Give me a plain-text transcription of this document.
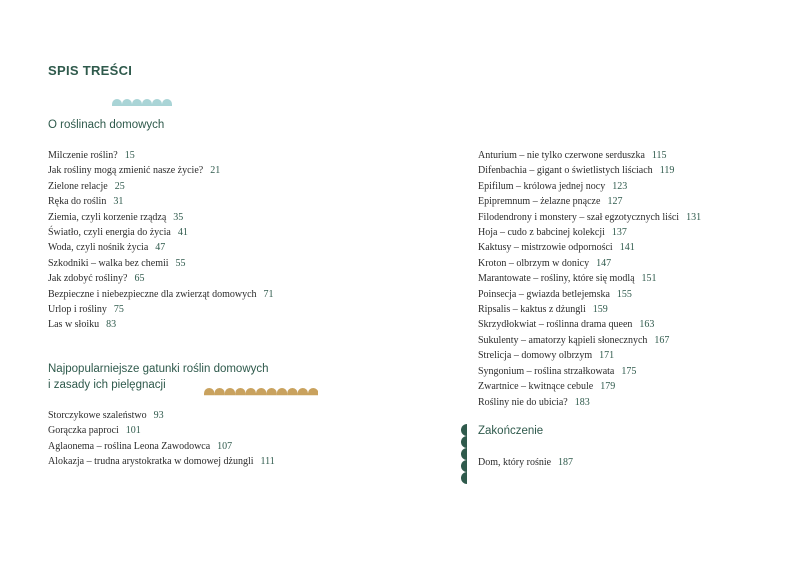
SPIS TREŚCI
O roślinach domowych
Milczenie roślin? 15
Jak rośliny mogą zmienić nasze życie? 21
Zielone relacje 25
Ręka do roślin 31
Ziemia, czyli korzenie rządzą 35
Światło, czyli energia do życia 41
Woda, czyli nośnik życia 47
Szkodniki – walka bez chemii 55
Jak zdobyć rośliny? 65
Bezpieczne i niebezpieczne dla zwierząt domowych 71
Urlop i rośliny 75
Las w słoiku 83
Najpopularniejsze gatunki roślin domowych
i zasady ich pielęgnacji
Storczykowe szaleństwo 93
Gorączka paproci 101
Aglaonema – roślina Leona Zawodowca 107
Alokazja – trudna arystokratka w domowej dżungli 111
Anturium – nie tylko czerwone serduszka 115
Difenbachia – gigant o świetlistych liściach 119
Epifilum – królowa jednej nocy 123
Epipremnum – żelazne pnącze 127
Filodendrony i monstery – szał egzotycznych liści 131
Hoja – cudo z babcinej kolekcji 137
Kaktusy – mistrzowie odporności 141
Kroton – olbrzym w donicy 147
Marantowate – rośliny, które się modlą 151
Poinsecja – gwiazda betlejemska 155
Ripsalis – kaktus z dżungli 159
Skrzydłokwiat – roślinna drama queen 163
Sukulenty – amatorzy kąpieli słonecznych 167
Strelicja – domowy olbrzym 171
Syngonium – roślina strzałkowata 175
Zwartnice – kwitnące cebule 179
Rośliny nie do ubicia? 183
Zakończenie
Dom, który rośnie 187
